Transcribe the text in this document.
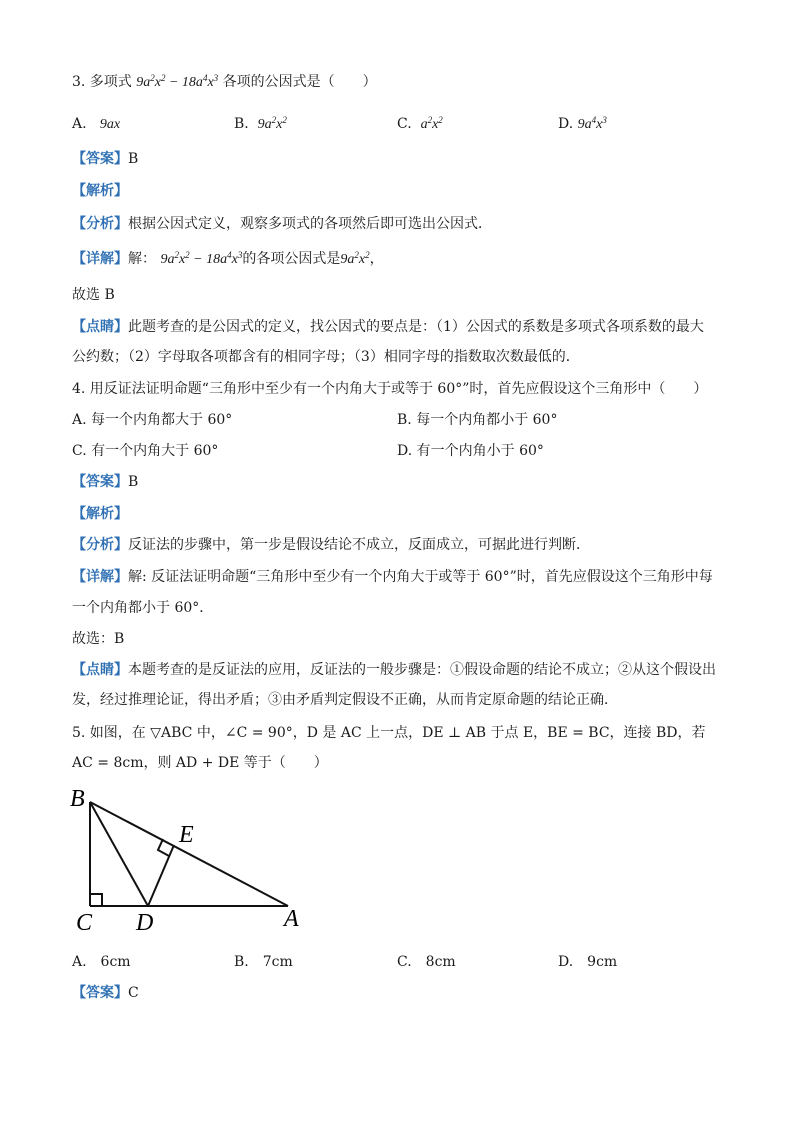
3. 多项式 $9a^2x^2 - 18a^4x^3$ 各项的公因式是（　　）
A.   9ax	B.  $9a^2x^2$	C.  $a^2x^2$	D. $9a^4x^3$
【答案】B
【解析】
【分析】根据公因式定义，观察多项式的各项然后即可选出公因式．
【详解】解： $9a^2x^2 - 18a^4x^3$的各项公因式是$9a^2x^2$，
故选 B
【点睛】此题考查的是公因式的定义，找公因式的要点是：（1）公因式的系数是多项式各项系数的最大
公约数；（2）字母取各项都含有的相同字母；（3）相同字母的指数取次数最低的．
4. 用反证法证明命题“三角形中至少有一个内角大于或等于 60°”时，首先应假设这个三角形中（　　）
A. 每一个内角都大于 60°	B. 每一个内角都小于 60°
C. 有一个内角大于 60°	D. 有一个内角小于 60°
【答案】B
【解析】
【分析】反证法的步骤中，第一步是假设结论不成立，反面成立，可据此进行判断．
【详解】解: 反证法证明命题“三角形中至少有一个内角大于或等于 60°”时，首先应假设这个三角形中每
一个内角都小于 60°．
故选：B
【点睛】本题考查的是反证法的应用，反证法的一般步骤是：①假设命题的结论不成立；②从这个假设出
发，经过推理论证，得出矛盾；③由矛盾判定假设不正确，从而肯定原命题的结论正确．
5. 如图，在 ▽ABC 中，∠C = 90°，D 是 AC 上一点，DE ⊥ AB 于点 E，BE = BC，连接 BD，若
AC = 8cm，则 AD + DE 等于（　　）
B
E
C D	A
A.　6cm	B.　7cm	C.　8cm	D.　9cm
【答案】C
